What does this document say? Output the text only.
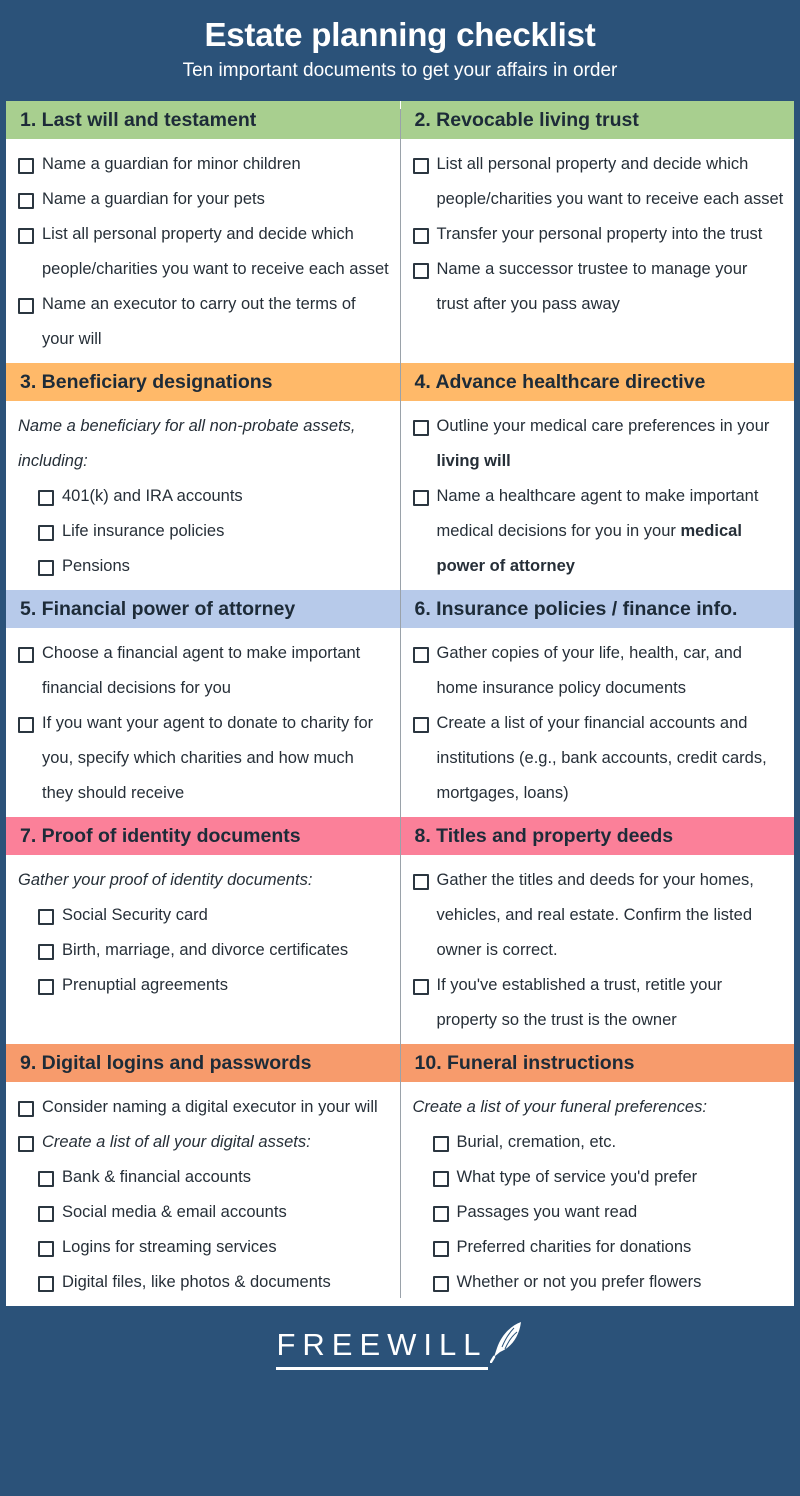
Estate planning checklist
Ten important documents to get your affairs in order
1. Last will and testament
Name a guardian for minor children
Name a guardian for your pets
List all personal property and decide which people/charities you want to receive each asset
Name an executor to carry out the terms of your will
3. Beneficiary designations
Name a beneficiary for all non-probate assets, including:
401(k) and IRA accounts
Life insurance policies
Pensions
5. Financial power of attorney
Choose a financial agent to make important financial decisions for you
If you want your agent to donate to charity for you, specify which charities and how much they should receive
7. Proof of identity documents
Gather your proof of identity documents:
Social Security card
Birth, marriage, and divorce certificates
Prenuptial agreements
9. Digital logins and passwords
Consider naming a digital executor in your will
Create a list of all your digital assets:
Bank & financial accounts
Social media & email accounts
Logins for streaming services
Digital files, like photos & documents
2. Revocable living trust
List all personal property and decide which people/charities you want to receive each asset
Transfer your personal property into the trust
Name a successor trustee to manage your trust after you pass away
4. Advance healthcare directive
Outline your medical care preferences in your living will
Name a healthcare agent to make important medical decisions for you in your medical power of attorney
6. Insurance policies / finance info.
Gather copies of your life, health, car, and home insurance policy documents
Create a list of your financial accounts and institutions (e.g., bank accounts, credit cards, mortgages, loans)
8. Titles and property deeds
Gather the titles and deeds for your homes, vehicles, and real estate. Confirm the listed owner is correct.
If you've established a trust, retitle your property so the trust is the owner
10. Funeral instructions
Create a list of your funeral preferences:
Burial, cremation, etc.
What type of service you'd prefer
Passages you want read
Preferred charities for donations
Whether or not you prefer flowers
FREEWILL
